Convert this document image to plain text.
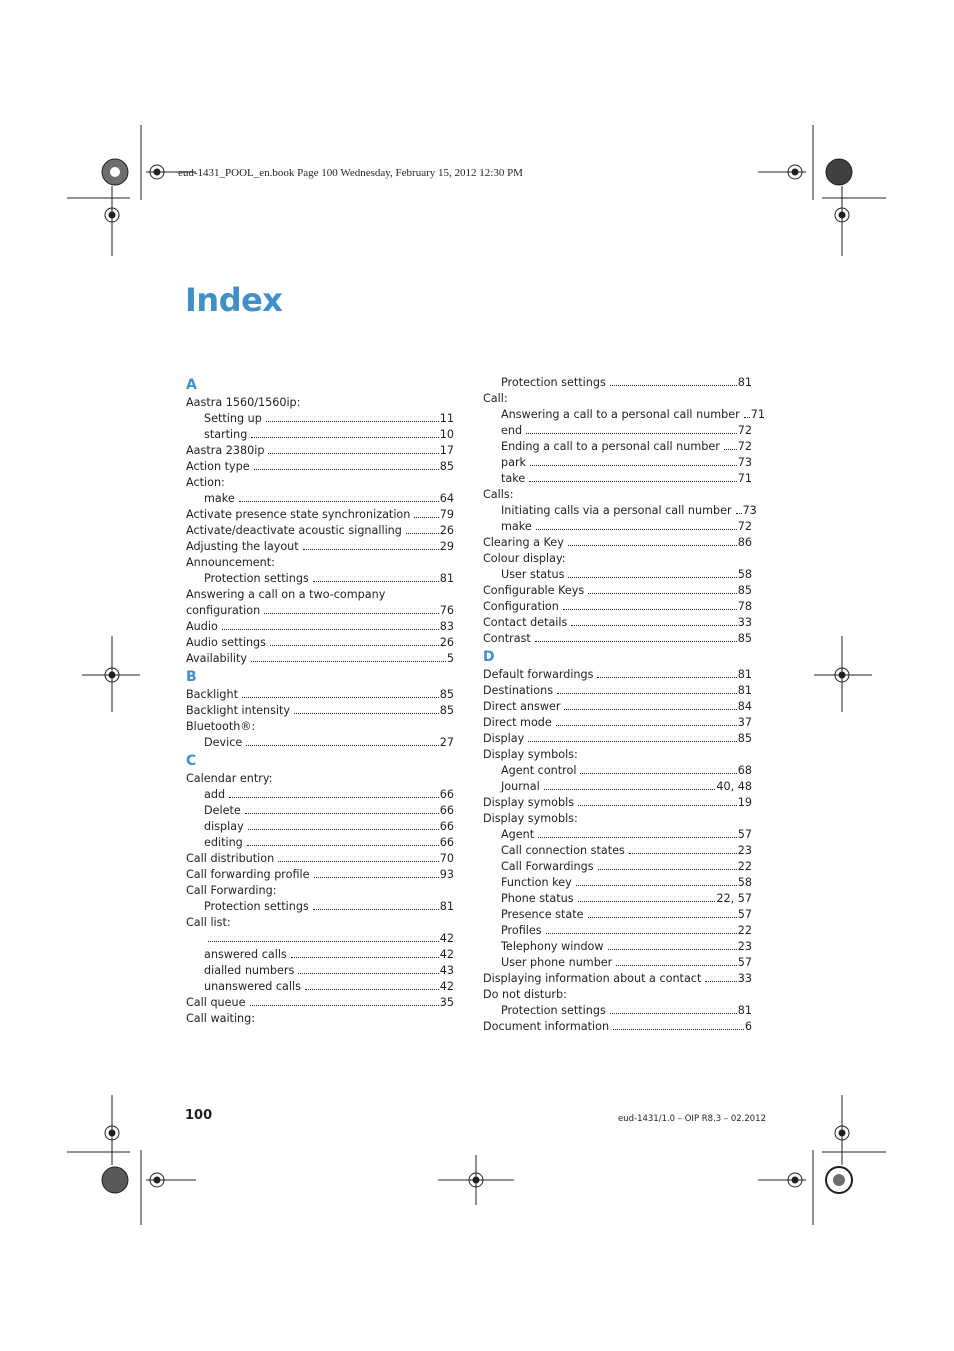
eud-1431_POOL_en.book Page 100 Wednesday, February 15, 2012 12:30 PM
Index
A
Aastra 1560/1560ip:
Setting up	11
starting	10
Aastra 2380ip	17
Action type	85
Action:
make	64
Activate presence state synchronization	79
Activate/deactivate acoustic signalling	26
Adjusting the layout	29
Announcement:
Protection settings	81
Answering a call on a two-company
configuration	76
Audio	83
Audio settings	26
Availability	5
B
Backlight	85
Backlight intensity	85
Bluetooth®:
Device	27
C
Calendar entry:
add	66
Delete	66
display	66
editing	66
Call distribution	70
Call forwarding profile	93
Call Forwarding:
Protection settings	81
Call list:
42
answered calls	42
dialled numbers	43
unanswered calls	42
Call queue	35
Call waiting:
Protection settings	81
Call:
Answering a call to a personal call number 71
end	72
Ending a call to a personal call number	72
park	73
take	71
Calls:
Initiating calls via a personal call number 73
make	72
Clearing a Key	86
Colour display:
User status	58
Configurable Keys	85
Configuration	78
Contact details	33
Contrast	85
D
Default forwardings	81
Destinations	81
Direct answer	84
Direct mode	37
Display	85
Display symbols:
Agent control	68
Journal	40, 48
Display symobls	19
Display symobls:
Agent	57
Call connection states	23
Call Forwardings	22
Function key	58
Phone status	22, 57
Presence state	57
Profiles	22
Telephony window	23
User phone number	57
Displaying information about a contact	33
Do not disturb:
Protection settings	81
Document information	6
100	eud-1431/1.0 – OIP R8.3 – 02.2012
